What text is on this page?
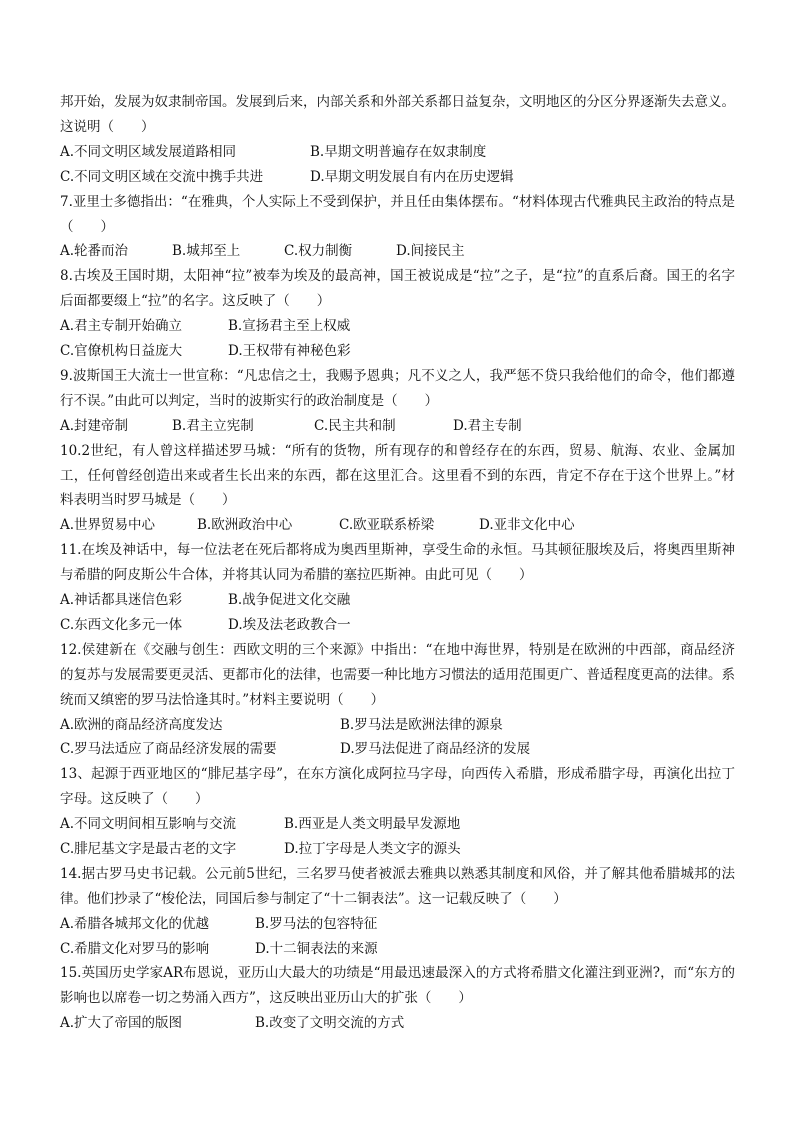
邦开始，发展为奴隶制帝国。发展到后来，内部关系和外部关系都日益复杂，文明地区的分区分界逐渐失去意义。这说明（　　）

A.不同文明区域发展道路相同	B.早期文明普遍存在奴隶制度
C.不同文明区域在交流中携手共进	D.早期文明发展自有内在历史逻辑

7.亚里士多德指出：“在雅典，个人实际上不受到保护，并且任由集体摆布。“材料体现古代雅典民主政治的特点是（　　）

A.轮番而治	B.城邦至上	C.权力制衡	D.间接民主

8.古埃及王国时期，太阳神“拉”被奉为埃及的最高神，国王被说成是“拉”之子，是“拉”的直系后裔。国王的名字后面都要缀上“拉”的名字。这反映了（　　）

A.君主专制开始确立	B.宣扬君主至上权威
C.官僚机构日益庞大	D.王权带有神秘色彩

9.波斯国王大流士一世宣称：“凡忠信之士，我赐予恩典；凡不义之人，我严惩不贷只我给他们的命令，他们都遵行不误。”由此可以判定，当时的波斯实行的政治制度是（　　）

A.封建帝制	B.君主立宪制	C.民主共和制	D.君主专制

10.2世纪，有人曾这样描述罗马城：“所有的货物，所有现存的和曾经存在的东西，贸易、航海、农业、金属加工，任何曾经创造出来或者生长出来的东西，都在这里汇合。这里看不到的东西，肯定不存在于这个世界上。”材料表明当时罗马城是（　　）

A.世界贸易中心	B.欧洲政治中心	C.欧亚联系桥梁	D.亚非文化中心

11.在埃及神话中，每一位法老在死后都将成为奥西里斯神，享受生命的永恒。马其顿征服埃及后，将奥西里斯神与希腊的阿皮斯公牛合体，并将其认同为希腊的塞拉匹斯神。由此可见（　　）

A.神话都具迷信色彩	B.战争促进文化交融
C.东西文化多元一体	D.埃及法老政教合一

12.侯建新在《交融与创生：西欧文明的三个来源》中指出：“在地中海世界，特别是在欧洲的中西部，商品经济的复苏与发展需要更灵活、更都市化的法律，也需要一种比地方习惯法的适用范围更广、普适程度更高的法律。系统而又缜密的罗马法恰逢其时。”材料主要说明（　　）

A.欧洲的商品经济高度发达	B.罗马法是欧洲法律的源泉
C.罗马法适应了商品经济发展的需要	D.罗马法促进了商品经济的发展

13、起源于西亚地区的“腓尼基字母”，在东方演化成阿拉马字母，向西传入希腊，形成希腊字母，再演化出拉丁字母。这反映了（　　）

A.不同文明间相互影响与交流	B.西亚是人类文明最早发源地
C.腓尼基文字是最古老的文字	D.拉丁字母是人类文字的源头

14.据古罗马史书记载。公元前5世纪，三名罗马使者被派去雅典以熟悉其制度和风俗，并了解其他希腊城邦的法律。他们抄录了“梭伦法，同国后参与制定了“十二铜表法”。这一记载反映了（　　）

A.希腊各城邦文化的优越	B.罗马法的包容特征
C.希腊文化对罗马的影响	D.十二铜表法的来源

15.英国历史学家AR布恩说，亚历山大最大的功绩是“用最迅速最深入的方式将希腊文化灌注到亚洲?，而“东方的影响也以席卷一切之势涌入西方”，这反映出亚历山大的扩张（　　）

A.扩大了帝国的版图	B.改变了文明交流的方式
